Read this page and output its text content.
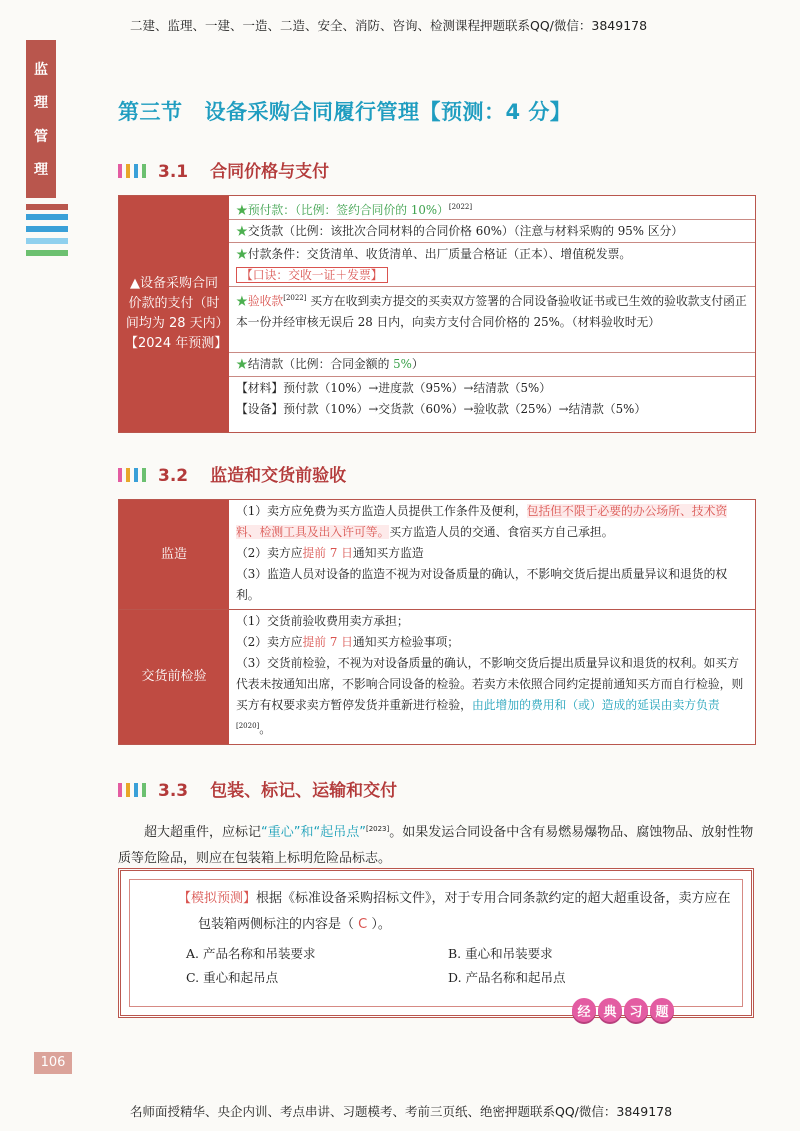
二建、监理、一建、一造、二造、安全、消防、咨询、检测课程押题联系QQ/微信：3849178
监
理
管
理
第三节 设备采购合同履行管理【预测：4 分】
3.1 合同价格与支付
▲设备采购合同价款的支付（时间均为 28 天内）【2024 年预测】
★预付款：（比例：签约合同价的 10%）[2022]
★交货款（比例：该批次合同材料的合同价格 60%）（注意与材料采购的 95% 区分）
★付款条件：交货清单、收货清单、出厂质量合格证（正本）、增值税发票。
【口诀：交收一证＋发票】
★验收款[2022] 买方在收到卖方提交的买卖双方签署的合同设备验收证书或已生效的验收款支付函正本一份并经审核无误后 28 日内，向卖方支付合同价格的 25%。（材料验收时无）
★结清款（比例：合同金额的 5%）
【材料】预付款（10%）→进度款（95%）→结清款（5%）
【设备】预付款（10%）→交货款（60%）→验收款（25%）→结清款（5%）
3.2 监造和交货前验收
监造
（1）卖方应免费为买方监造人员提供工作条件及便利，包括但不限于必要的办公场所、技术资料、检测工具及出入许可等。买方监造人员的交通、食宿买方自己承担。
（2）卖方应提前 7 日通知买方监造
（3）监造人员对设备的监造不视为对设备质量的确认，不影响交货后提出质量异议和退货的权利。
交货前检验
（1）交货前验收费用卖方承担；
（2）卖方应提前 7 日通知买方检验事项；
（3）交货前检验，不视为对设备质量的确认，不影响交货后提出质量异议和退货的权利。如买方代表未按通知出席，不影响合同设备的检验。若卖方未依照合同约定提前通知买方而自行检验，则买方有权要求卖方暂停发货并重新进行检验，由此增加的费用和（或）造成的延误由卖方负责[2020]。
3.3 包装、标记、运输和交付
超大超重件，应标记“重心”和“起吊点”[2023]。如果发运合同设备中含有易燃易爆物品、腐蚀物品、放射性物质等危险品，则应在包装箱上标明危险品标志。
【模拟预测】根据《标准设备采购招标文件》，对于专用合同条款约定的超大超重设备，卖方应在包装箱两侧标注的内容是（ C ）。
A. 产品名称和吊装要求	B. 重心和吊装要求
C. 重心和起吊点	D. 产品名称和起吊点
经 典 习 题
106
名师面授精华、央企内训、考点串讲、习题模考、考前三页纸、绝密押题联系QQ/微信：3849178
